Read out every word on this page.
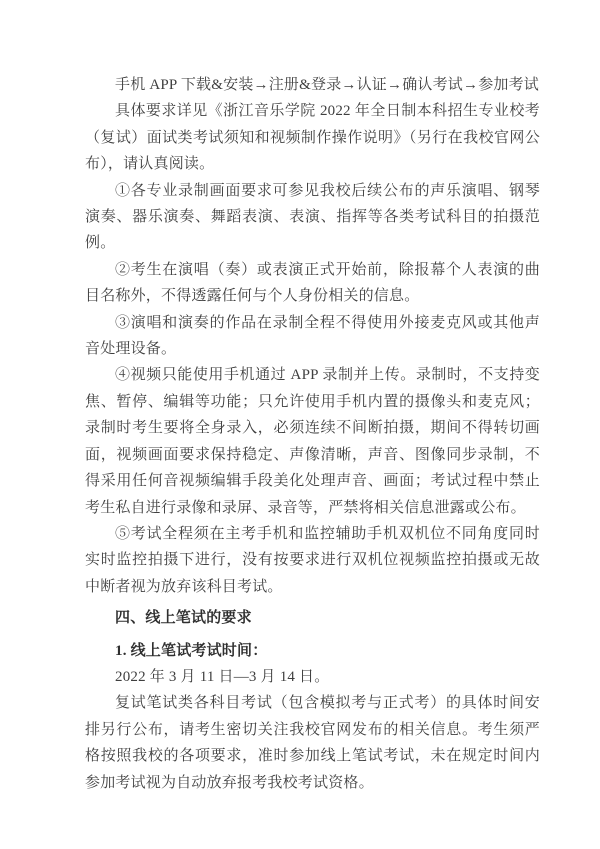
手机 APP 下载&安装→注册&登录→认证→确认考试→参加考试

具体要求详见《浙江音乐学院 2022 年全日制本科招生专业校考（复试）面试类考试须知和视频制作操作说明》（另行在我校官网公布），请认真阅读。

①各专业录制画面要求可参见我校后续公布的声乐演唱、钢琴演奏、器乐演奏、舞蹈表演、表演、指挥等各类考试科目的拍摄范例。

②考生在演唱（奏）或表演正式开始前，除报幕个人表演的曲目名称外，不得透露任何与个人身份相关的信息。

③演唱和演奏的作品在录制全程不得使用外接麦克风或其他声音处理设备。

④视频只能使用手机通过 APP 录制并上传。录制时，不支持变焦、暂停、编辑等功能；只允许使用手机内置的摄像头和麦克风；录制时考生要将全身录入，必须连续不间断拍摄，期间不得转切画面，视频画面要求保持稳定、声像清晰，声音、图像同步录制，不得采用任何音视频编辑手段美化处理声音、画面；考试过程中禁止考生私自进行录像和录屏、录音等，严禁将相关信息泄露或公布。

⑤考试全程须在主考手机和监控辅助手机双机位不同角度同时实时监控拍摄下进行，没有按要求进行双机位视频监控拍摄或无故中断者视为放弃该科目考试。

四、线上笔试的要求

1. 线上笔试考试时间：

2022 年 3 月 11 日—3 月 14 日。

复试笔试类各科目考试（包含模拟考与正式考）的具体时间安排另行公布，请考生密切关注我校官网发布的相关信息。考生须严格按照我校的各项要求，准时参加线上笔试考试，未在规定时间内参加考试视为自动放弃报考我校考试资格。
